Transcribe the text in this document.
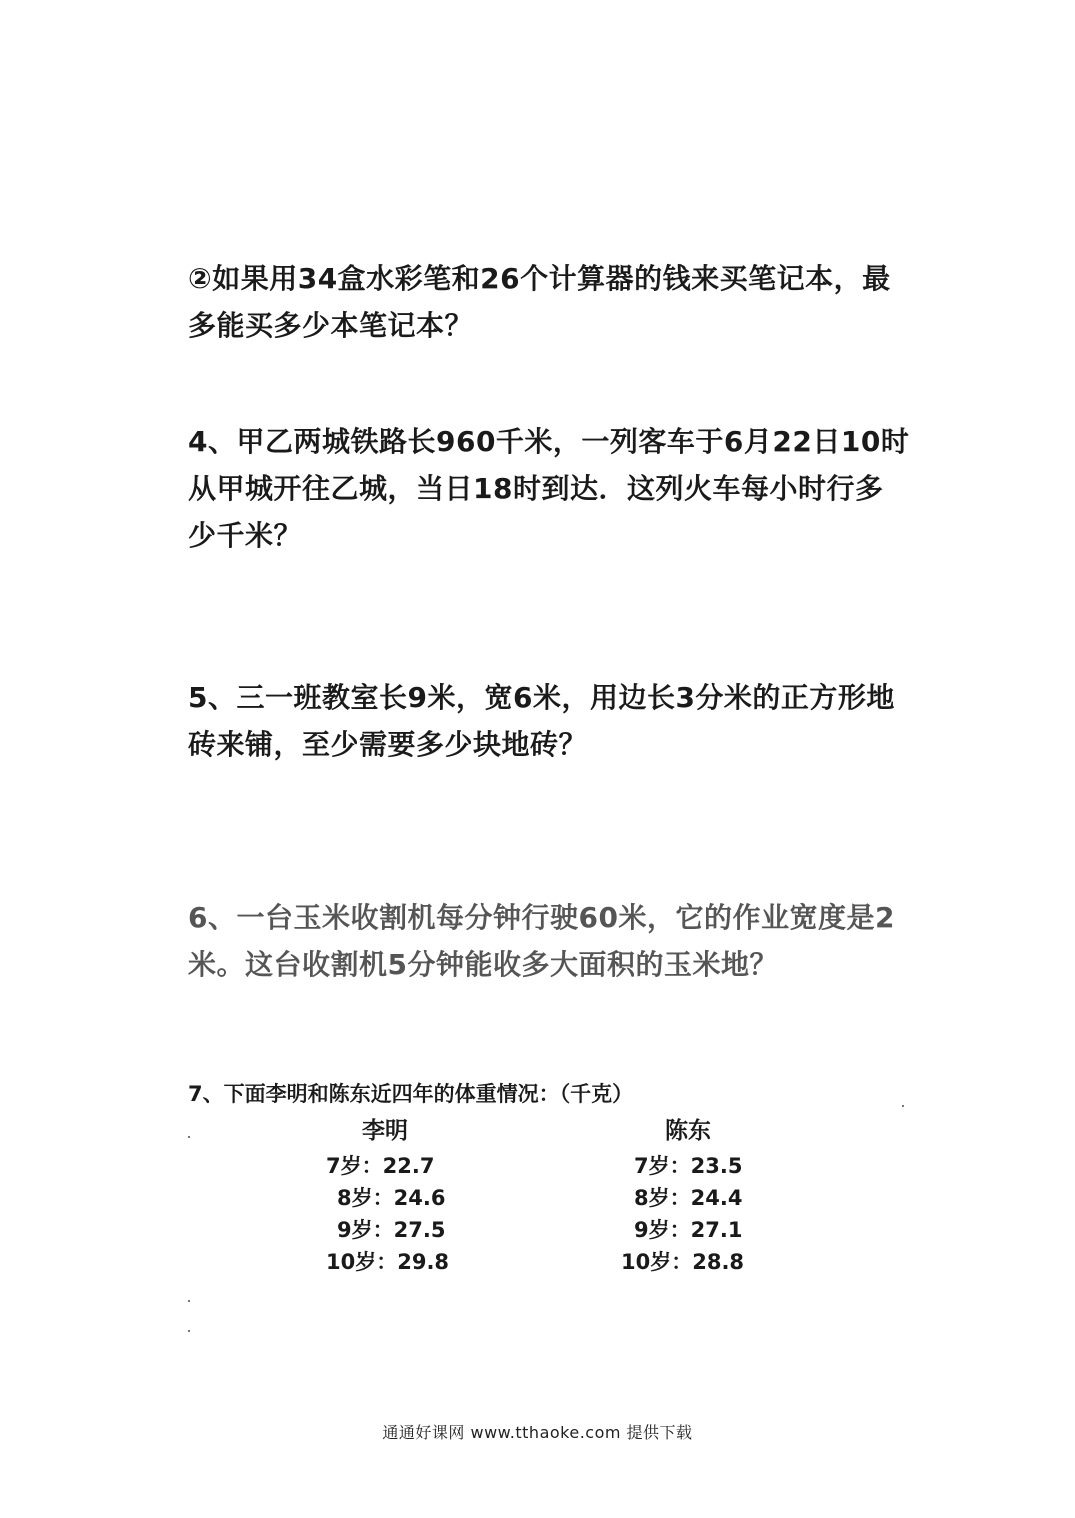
②如果用34盒水彩笔和26个计算器的钱来买笔记本，最
多能买多少本笔记本？
4、甲乙两城铁路长960千米，一列客车于6月22日10时
从甲城开往乙城，当日18时到达．这列火车每小时行多
少千米？
5、三一班教室长9米，宽6米，用边长3分米的正方形地
砖来铺，至少需要多少块地砖？
6、一台玉米收割机每分钟行驶60米，它的作业宽度是2
米。这台收割机5分钟能收多大面积的玉米地？
7、下面李明和陈东近四年的体重情况：（千克）
李明	陈东
7岁：22.7
8岁：24.6
9岁：27.5
10岁：29.8
7岁：23.5
8岁：24.4
9岁：27.1
10岁：28.8
通通好课网 www.tthaoke.com 提供下载
